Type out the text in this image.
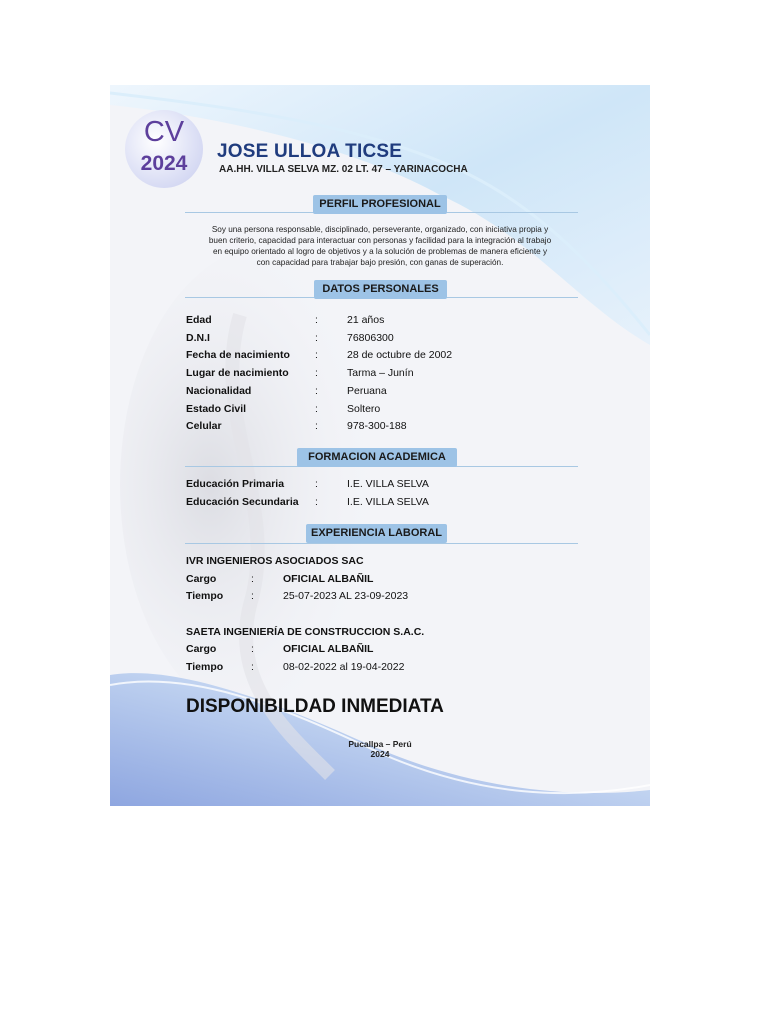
CV
2024
JOSE ULLOA TICSE
AA.HH. VILLA SELVA MZ. 02 LT. 47 – YARINACOCHA
PERFIL PROFESIONAL
Soy una persona responsable, disciplinado, perseverante, organizado, con iniciativa propia y
buen criterio, capacidad para interactuar con personas y facilidad para la integración al trabajo
en equipo orientado al logro de objetivos y a la solución de problemas de manera eficiente y
con capacidad para trabajar bajo presión, con ganas de superación.
DATOS PERSONALES
Edad	:	21 años
D.N.I	:	76806300
Fecha de nacimiento :	28 de octubre de 2002
Lugar de nacimiento	:	Tarma – Junín
Nacionalidad	:	Peruana
Estado Civil	:	Soltero
Celular	:	978-300-188
FORMACION ACADEMICA
Educación Primaria	:	I.E. VILLA SELVA
Educación Secundaria :	I.E. VILLA SELVA
EXPERIENCIA LABORAL
IVR INGENIEROS ASOCIADOS SAC
Cargo	:	OFICIAL ALBAÑIL
Tiempo	:	25-07-2023 AL 23-09-2023
SAETA INGENIERÍA DE CONSTRUCCION S.A.C.
Cargo	:	OFICIAL ALBAÑIL
Tiempo	:	08-02-2022 al 19-04-2022
DISPONIBILDAD INMEDIATA
Pucallpa – Perú
2024
